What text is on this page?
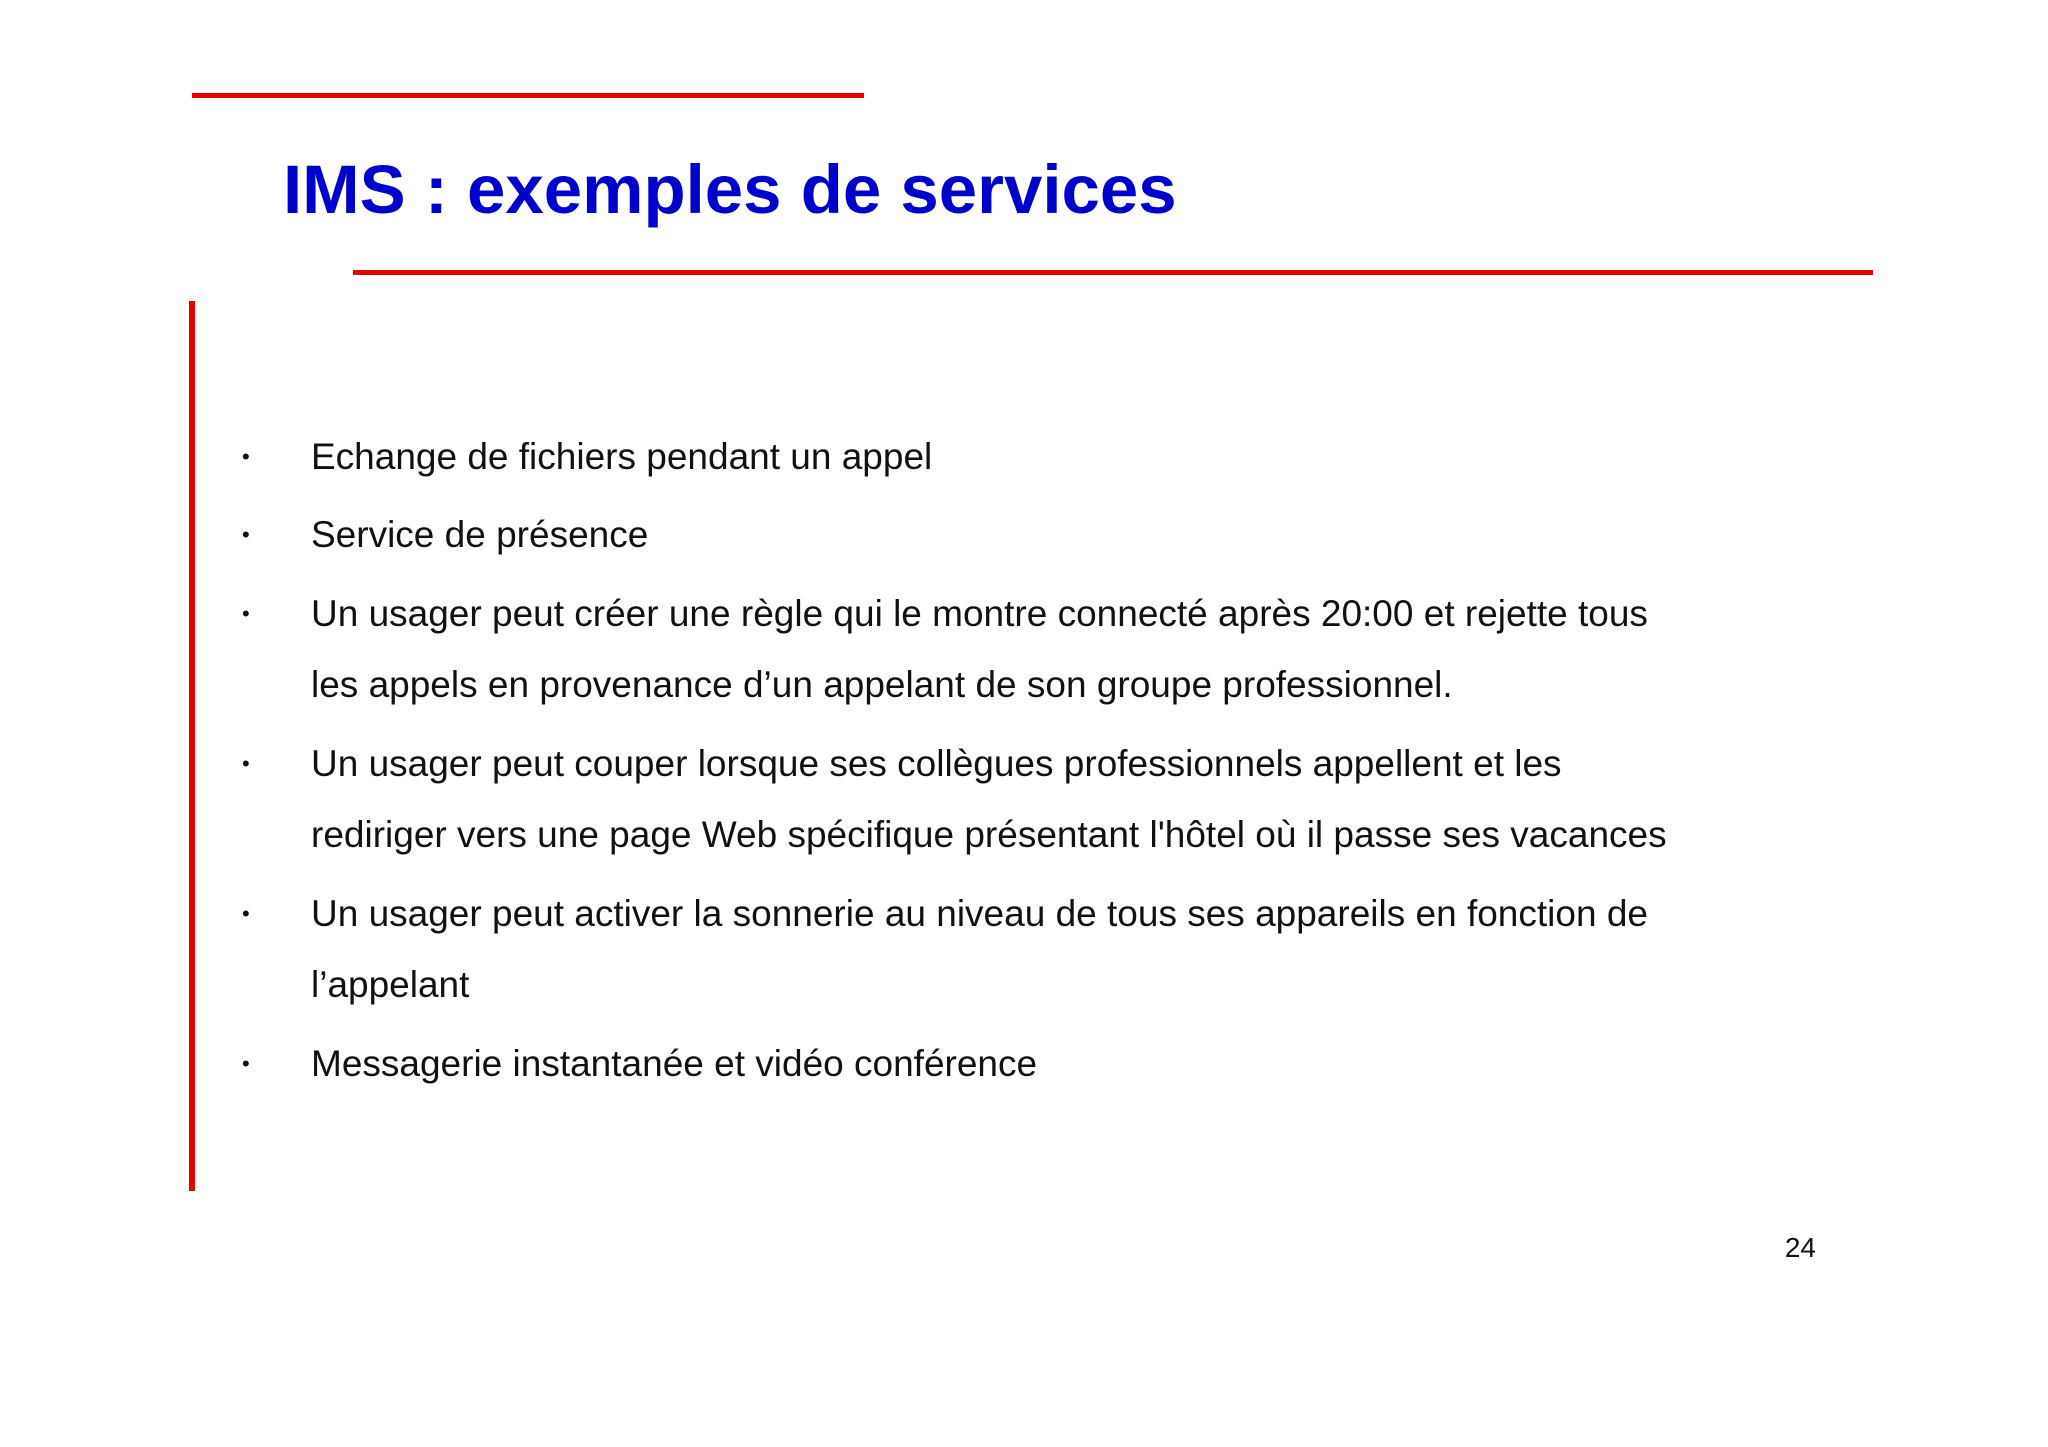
IMS : exemples de services
•	Echange de fichiers pendant un appel
•	Service de présence
•	Un usager peut créer une règle qui le montre connecté après 20:00 et rejette tous
les appels en provenance d’un appelant de son groupe professionnel.
•	Un usager peut couper lorsque ses collègues professionnels appellent et les
rediriger vers une page Web spécifique présentant l'hôtel où il passe ses vacances
•	Un usager peut activer la sonnerie au niveau de tous ses appareils en fonction de
l’appelant
•	Messagerie instantanée et vidéo conférence
24
